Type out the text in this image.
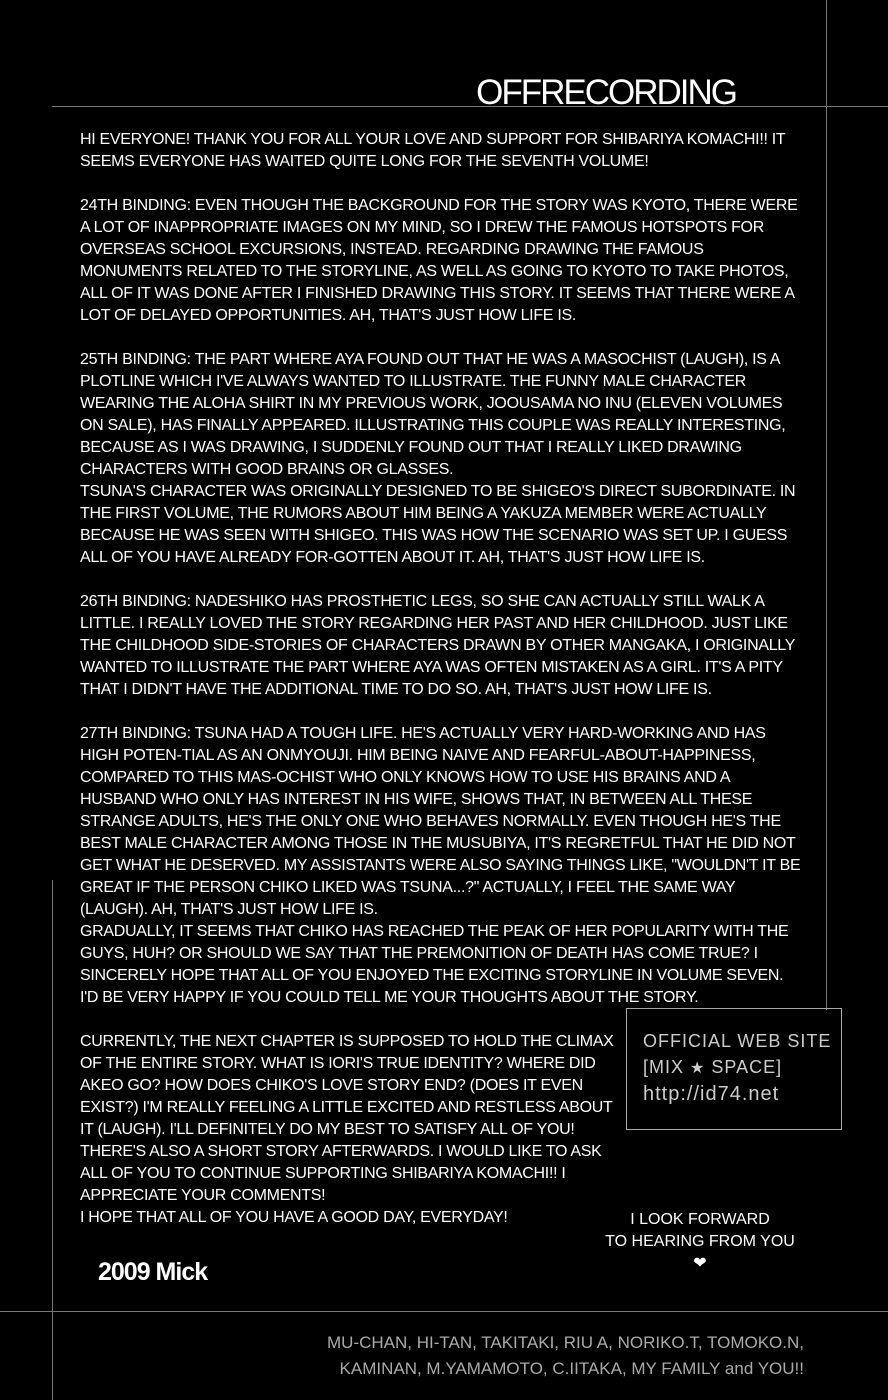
OFFRECORDING

HI EVERYONE! THANK YOU FOR ALL YOUR LOVE AND SUPPORT FOR SHIBARIYA KOMACHI!! IT SEEMS EVERYONE HAS WAITED QUITE LONG FOR THE SEVENTH VOLUME!

24TH BINDING: EVEN THOUGH THE BACKGROUND FOR THE STORY WAS KYOTO, THERE WERE A LOT OF INAPPROPRIATE IMAGES ON MY MIND, SO I DREW THE FAMOUS HOTSPOTS FOR OVERSEAS SCHOOL EXCURSIONS, INSTEAD. REGARDING DRAWING THE FAMOUS MONUMENTS RELATED TO THE STORYLINE, AS WELL AS GOING TO KYOTO TO TAKE PHOTOS, ALL OF IT WAS DONE AFTER I FINISHED DRAWING THIS STORY. IT SEEMS THAT THERE WERE A LOT OF DELAYED OPPORTUNITIES. AH, THAT'S JUST HOW LIFE IS.

25TH BINDING: THE PART WHERE AYA FOUND OUT THAT HE WAS A MASOCHIST (LAUGH), IS A PLOTLINE WHICH I'VE ALWAYS WANTED TO ILLUSTRATE. THE FUNNY MALE CHARACTER WEARING THE ALOHA SHIRT IN MY PREVIOUS WORK, JOOUSAMA NO INU (ELEVEN VOLUMES ON SALE), HAS FINALLY APPEARED. ILLUSTRATING THIS COUPLE WAS REALLY INTERESTING, BECAUSE AS I WAS DRAWING, I SUDDENLY FOUND OUT THAT I REALLY LIKED DRAWING CHARACTERS WITH GOOD BRAINS OR GLASSES.

TSUNA'S CHARACTER WAS ORIGINALLY DESIGNED TO BE SHIGEO'S DIRECT SUBORDINATE. IN THE FIRST VOLUME, THE RUMORS ABOUT HIM BEING A YAKUZA MEMBER WERE ACTUALLY BECAUSE HE WAS SEEN WITH SHIGEO. THIS WAS HOW THE SCENARIO WAS SET UP. I GUESS ALL OF YOU HAVE ALREADY FOR-GOTTEN ABOUT IT. AH, THAT'S JUST HOW LIFE IS.

26TH BINDING: NADESHIKO HAS PROSTHETIC LEGS, SO SHE CAN ACTUALLY STILL WALK A LITTLE. I REALLY LOVED THE STORY REGARDING HER PAST AND HER CHILDHOOD. JUST LIKE THE CHILDHOOD SIDE-STORIES OF CHARACTERS DRAWN BY OTHER MANGAKA, I ORIGINALLY WANTED TO ILLUSTRATE THE PART WHERE AYA WAS OFTEN MISTAKEN AS A GIRL. IT'S A PITY THAT I DIDN'T HAVE THE ADDITIONAL TIME TO DO SO. AH, THAT'S JUST HOW LIFE IS.

27TH BINDING: TSUNA HAD A TOUGH LIFE. HE'S ACTUALLY VERY HARD-WORKING AND HAS HIGH POTEN-TIAL AS AN ONMYOUJI. HIM BEING NAIVE AND FEARFUL-ABOUT-HAPPINESS, COMPARED TO THIS MAS-OCHIST WHO ONLY KNOWS HOW TO USE HIS BRAINS AND A HUSBAND WHO ONLY HAS INTEREST IN HIS WIFE, SHOWS THAT, IN BETWEEN ALL THESE STRANGE ADULTS, HE'S THE ONLY ONE WHO BEHAVES NORMALLY. EVEN THOUGH HE'S THE BEST MALE CHARACTER AMONG THOSE IN THE MUSUBIYA, IT'S REGRETFUL THAT HE DID NOT GET WHAT HE DESERVED. MY ASSISTANTS WERE ALSO SAYING THINGS LIKE, "WOULDN'T IT BE GREAT IF THE PERSON CHIKO LIKED WAS TSUNA...?" ACTUALLY, I FEEL THE SAME WAY (LAUGH). AH, THAT'S JUST HOW LIFE IS.

GRADUALLY, IT SEEMS THAT CHIKO HAS REACHED THE PEAK OF HER POPULARITY WITH THE GUYS, HUH? OR SHOULD WE SAY THAT THE PREMONITION OF DEATH HAS COME TRUE? I SINCERELY HOPE THAT ALL OF YOU ENJOYED THE EXCITING STORYLINE IN VOLUME SEVEN. I'D BE VERY HAPPY IF YOU COULD TELL ME YOUR THOUGHTS ABOUT THE STORY.

CURRENTLY, THE NEXT CHAPTER IS SUPPOSED TO HOLD THE CLIMAX OF THE ENTIRE STORY. WHAT IS IORI'S TRUE IDENTITY? WHERE DID AKEO GO? HOW DOES CHIKO'S LOVE STORY END? (DOES IT EVEN EXIST?) I'M REALLY FEELING A LITTLE EXCITED AND RESTLESS ABOUT IT (LAUGH). I'LL DEFINITELY DO MY BEST TO SATISFY ALL OF YOU! THERE'S ALSO A SHORT STORY AFTERWARDS. I WOULD LIKE TO ASK ALL OF YOU TO CONTINUE SUPPORTING SHIBARIYA KOMACHI!! I APPRECIATE YOUR COMMENTS!

I HOPE THAT ALL OF YOU HAVE A GOOD DAY, EVERYDAY!

OFFICIAL WEB SITE
[MIX ★ SPACE]
http://id74.net
I LOOK FORWARD
TO HEARING FROM YOU ❤
2009 Mick
MU-CHAN, HI-TAN, TAKITAKI, RIU A, NORIKO.T, TOMOKO.N,
KAMINAN, M.YAMAMOTO, C.IITAKA, MY FAMILY and YOU!!
